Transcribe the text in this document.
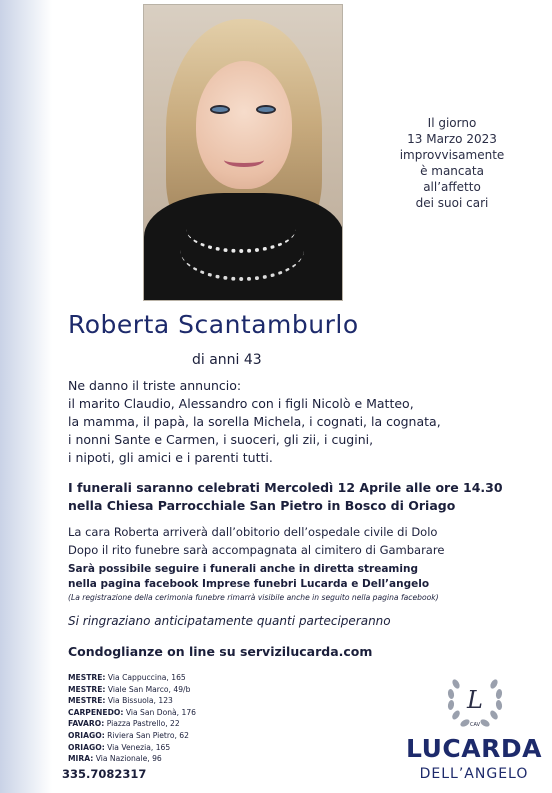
Il giorno
13 Marzo 2023
improvvisamente
è mancata
all’affetto
dei suoi cari
Roberta Scantamburlo
di anni 43
Ne danno il triste annuncio:
il marito Claudio, Alessandro con i figli Nicolò e Matteo,
la mamma, il papà, la sorella Michela, i cognati, la cognata,
i nonni Sante e Carmen, i suoceri, gli zii, i cugini,
i nipoti, gli amici e i parenti tutti.
I funerali saranno celebrati Mercoledì 12 Aprile alle ore 14.30
nella Chiesa Parrocchiale San Pietro in Bosco di Oriago
La cara Roberta arriverà dall’obitorio dell’ospedale civile di Dolo
Dopo il rito funebre sarà accompagnata al cimitero di Gambarare
Sarà possibile seguire i funerali anche in diretta streaming
nella pagina facebook Imprese funebri Lucarda e Dell’angelo
(La registrazione della cerimonia funebre rimarrà visibile anche in seguito nella pagina facebook)
Si ringraziano anticipatamente quanti parteciperanno
Condoglianze on line su servizilucarda.com
MESTRE: Via Cappuccina, 165
MESTRE: Viale San Marco, 49/b
MESTRE: Via Bissuola, 123
CARPENEDO: Via San Donà, 176
FAVARO: Piazza Pastrello, 22
ORIAGO: Riviera San Pietro, 62
ORIAGO: Via Venezia, 165
MIRA: Via Nazionale, 96
335.7082317
L
CAV
LUCARDA
DELL’ANGELO
